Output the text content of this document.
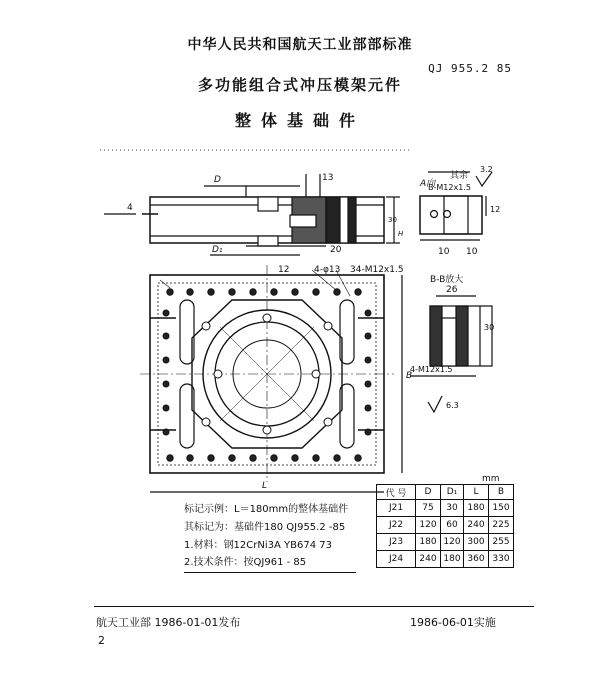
中华人民共和国航天工业部部标准
QJ 955.2 85
多功能组合式冲压模架元件
整体基础件
4
D	13
30
H
D₁	20
A向
其余
3.2
B-M12x1.5
10 10
12
12	4-φ13 34-M12x1.5
B-B放大
26
30
4-M12x1.5
6.3
L
B
mm
标记示例：L＝180mm的整体基础件
其标记为：基础件180 QJ955.2 -85
1.材料：钢12CrNi3A YB674 73
2.技术条件：按QJ961 - 85
代 号	D	D₁	L	B
J21	75	30	180	150
J22	120	60	240	225
J23	180	120	300	255
J24	240	180	360	330
航天工业部 1986-01-01发布	1986-06-01实施
2
